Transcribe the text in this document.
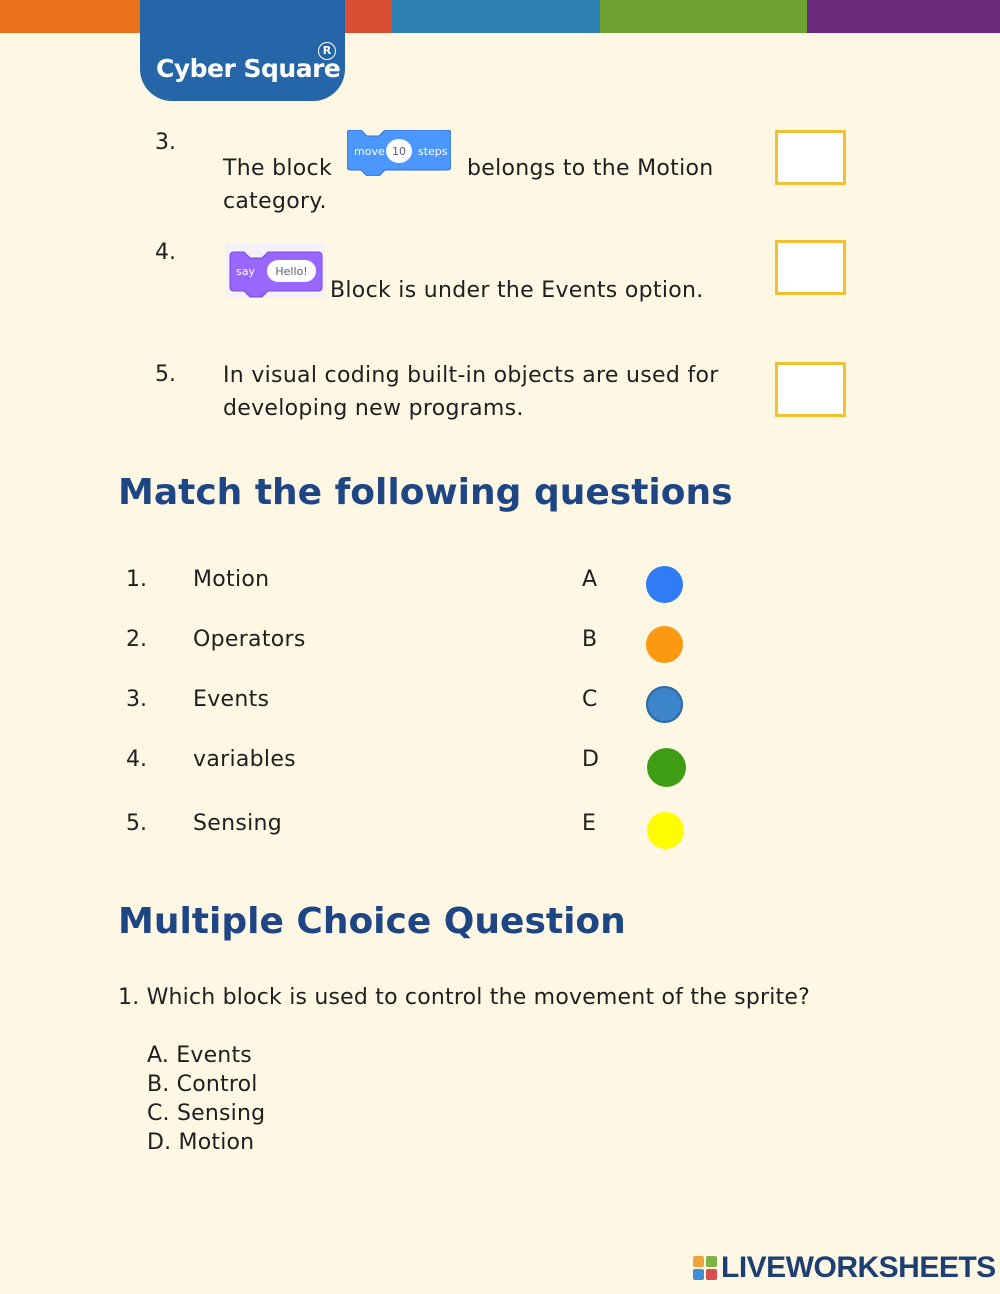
Cyber Square
R
3.
The block
move 10 steps
belongs to the Motion
category.
4.
say Hello!
Block is under the Events option.
5. In visual coding built-in objects are used for developing new programs.
Match the following questions
1. Motion	A
2. Operators	B
3. Events	C
4. variables	D
5. Sensing	E
Multiple Choice Question
1. Which block is used to control the movement of the sprite?
A. Events
B. Control
C. Sensing
D. Motion
LIVEWORKSHEETS
